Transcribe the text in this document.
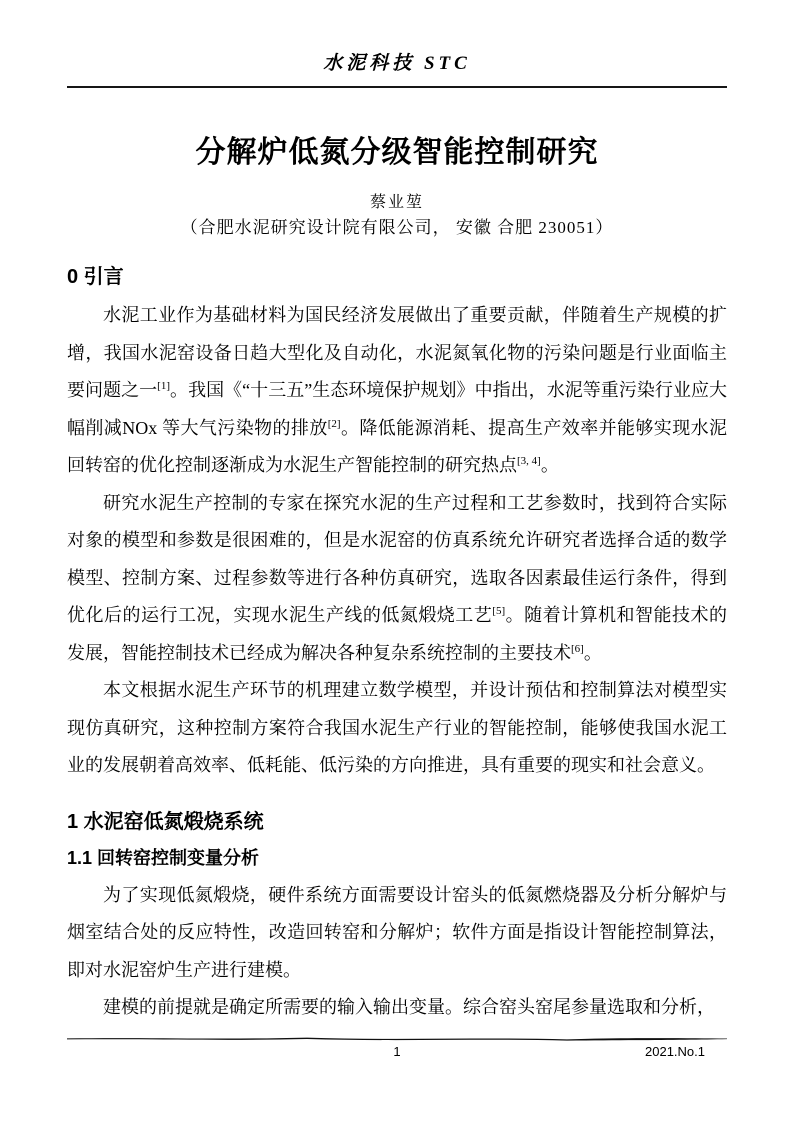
水泥科技 STC
分解炉低氮分级智能控制研究
蔡业堃
（合肥水泥研究设计院有限公司， 安徽 合肥 230051）
0 引言

水泥工业作为基础材料为国民经济发展做出了重要贡献，伴随着生产规模的扩增，我国水泥窑设备日趋大型化及自动化，水泥氮氧化物的污染问题是行业面临主要问题之一[1]。我国《“十三五”生态环境保护规划》中指出，水泥等重污染行业应大幅削减NOx 等大气污染物的排放[2]。降低能源消耗、提高生产效率并能够实现水泥回转窑的优化控制逐渐成为水泥生产智能控制的研究热点[3, 4]。

研究水泥生产控制的专家在探究水泥的生产过程和工艺参数时，找到符合实际对象的模型和参数是很困难的，但是水泥窑的仿真系统允许研究者选择合适的数学模型、控制方案、过程参数等进行各种仿真研究，选取各因素最佳运行条件，得到优化后的运行工况，实现水泥生产线的低氮煅烧工艺[5]。随着计算机和智能技术的发展，智能控制技术已经成为解决各种复杂系统控制的主要技术[6]。

本文根据水泥生产环节的机理建立数学模型，并设计预估和控制算法对模型实现仿真研究，这种控制方案符合我国水泥生产行业的智能控制，能够使我国水泥工业的发展朝着高效率、低耗能、低污染的方向推进，具有重要的现实和社会意义。

1 水泥窑低氮煅烧系统
1.1 回转窑控制变量分析

为了实现低氮煅烧，硬件系统方面需要设计窑头的低氮燃烧器及分析分解炉与烟室结合处的反应特性，改造回转窑和分解炉；软件方面是指设计智能控制算法，即对水泥窑炉生产进行建模。

建模的前提就是确定所需要的输入输出变量。综合窑头窑尾参量选取和分析，

1	2021.No.1
